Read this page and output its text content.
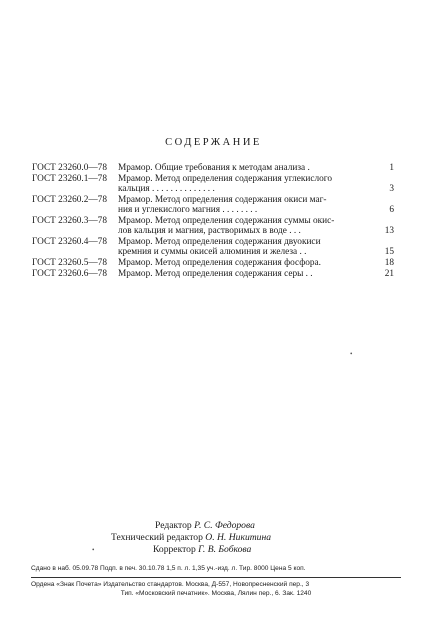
СОДЕРЖАНИЕ
ГОСТ 23260.0—78 Мрамор. Общие требования к методам анализа .	1
ГОСТ 23260.1—78 Мрамор. Метод определения содержания углекислого
кальция . . . . . . . . . . . . . .	3
ГОСТ 23260.2—78 Мрамор. Метод определения содержания окиси маг-
ния и углекислого магния . . . . . . . .	6
ГОСТ 23260.3—78 Мрамор. Метод определения содержания суммы окис-
лов кальция и магния, растворимых в воде . . .	13
ГОСТ 23260.4—78 Мрамор. Метод определения содержания двуокиси
кремния и суммы окисей алюминия и железа . .	15
ГОСТ 23260.5—78 Мрамор. Метод определения содержания фосфора.	18
ГОСТ 23260.6—78 Мрамор. Метод определения содержания серы . .	21
•
•
Редактор Р. С. Федорова
Технический редактор О. Н. Никитина
Корректор Г. В. Бобкова
Сдано в наб. 05.09.78 Подп. в печ. 30.10.78 1,5 п. л. 1,35 уч.-изд. л. Тир. 8000 Цена 5 коп.
Ордена «Знак Почета» Издательство стандартов. Москва, Д-557, Новопресненский пер., 3
Тип. «Московский печатник». Москва, Лялин пер., 6. Зак. 1240
